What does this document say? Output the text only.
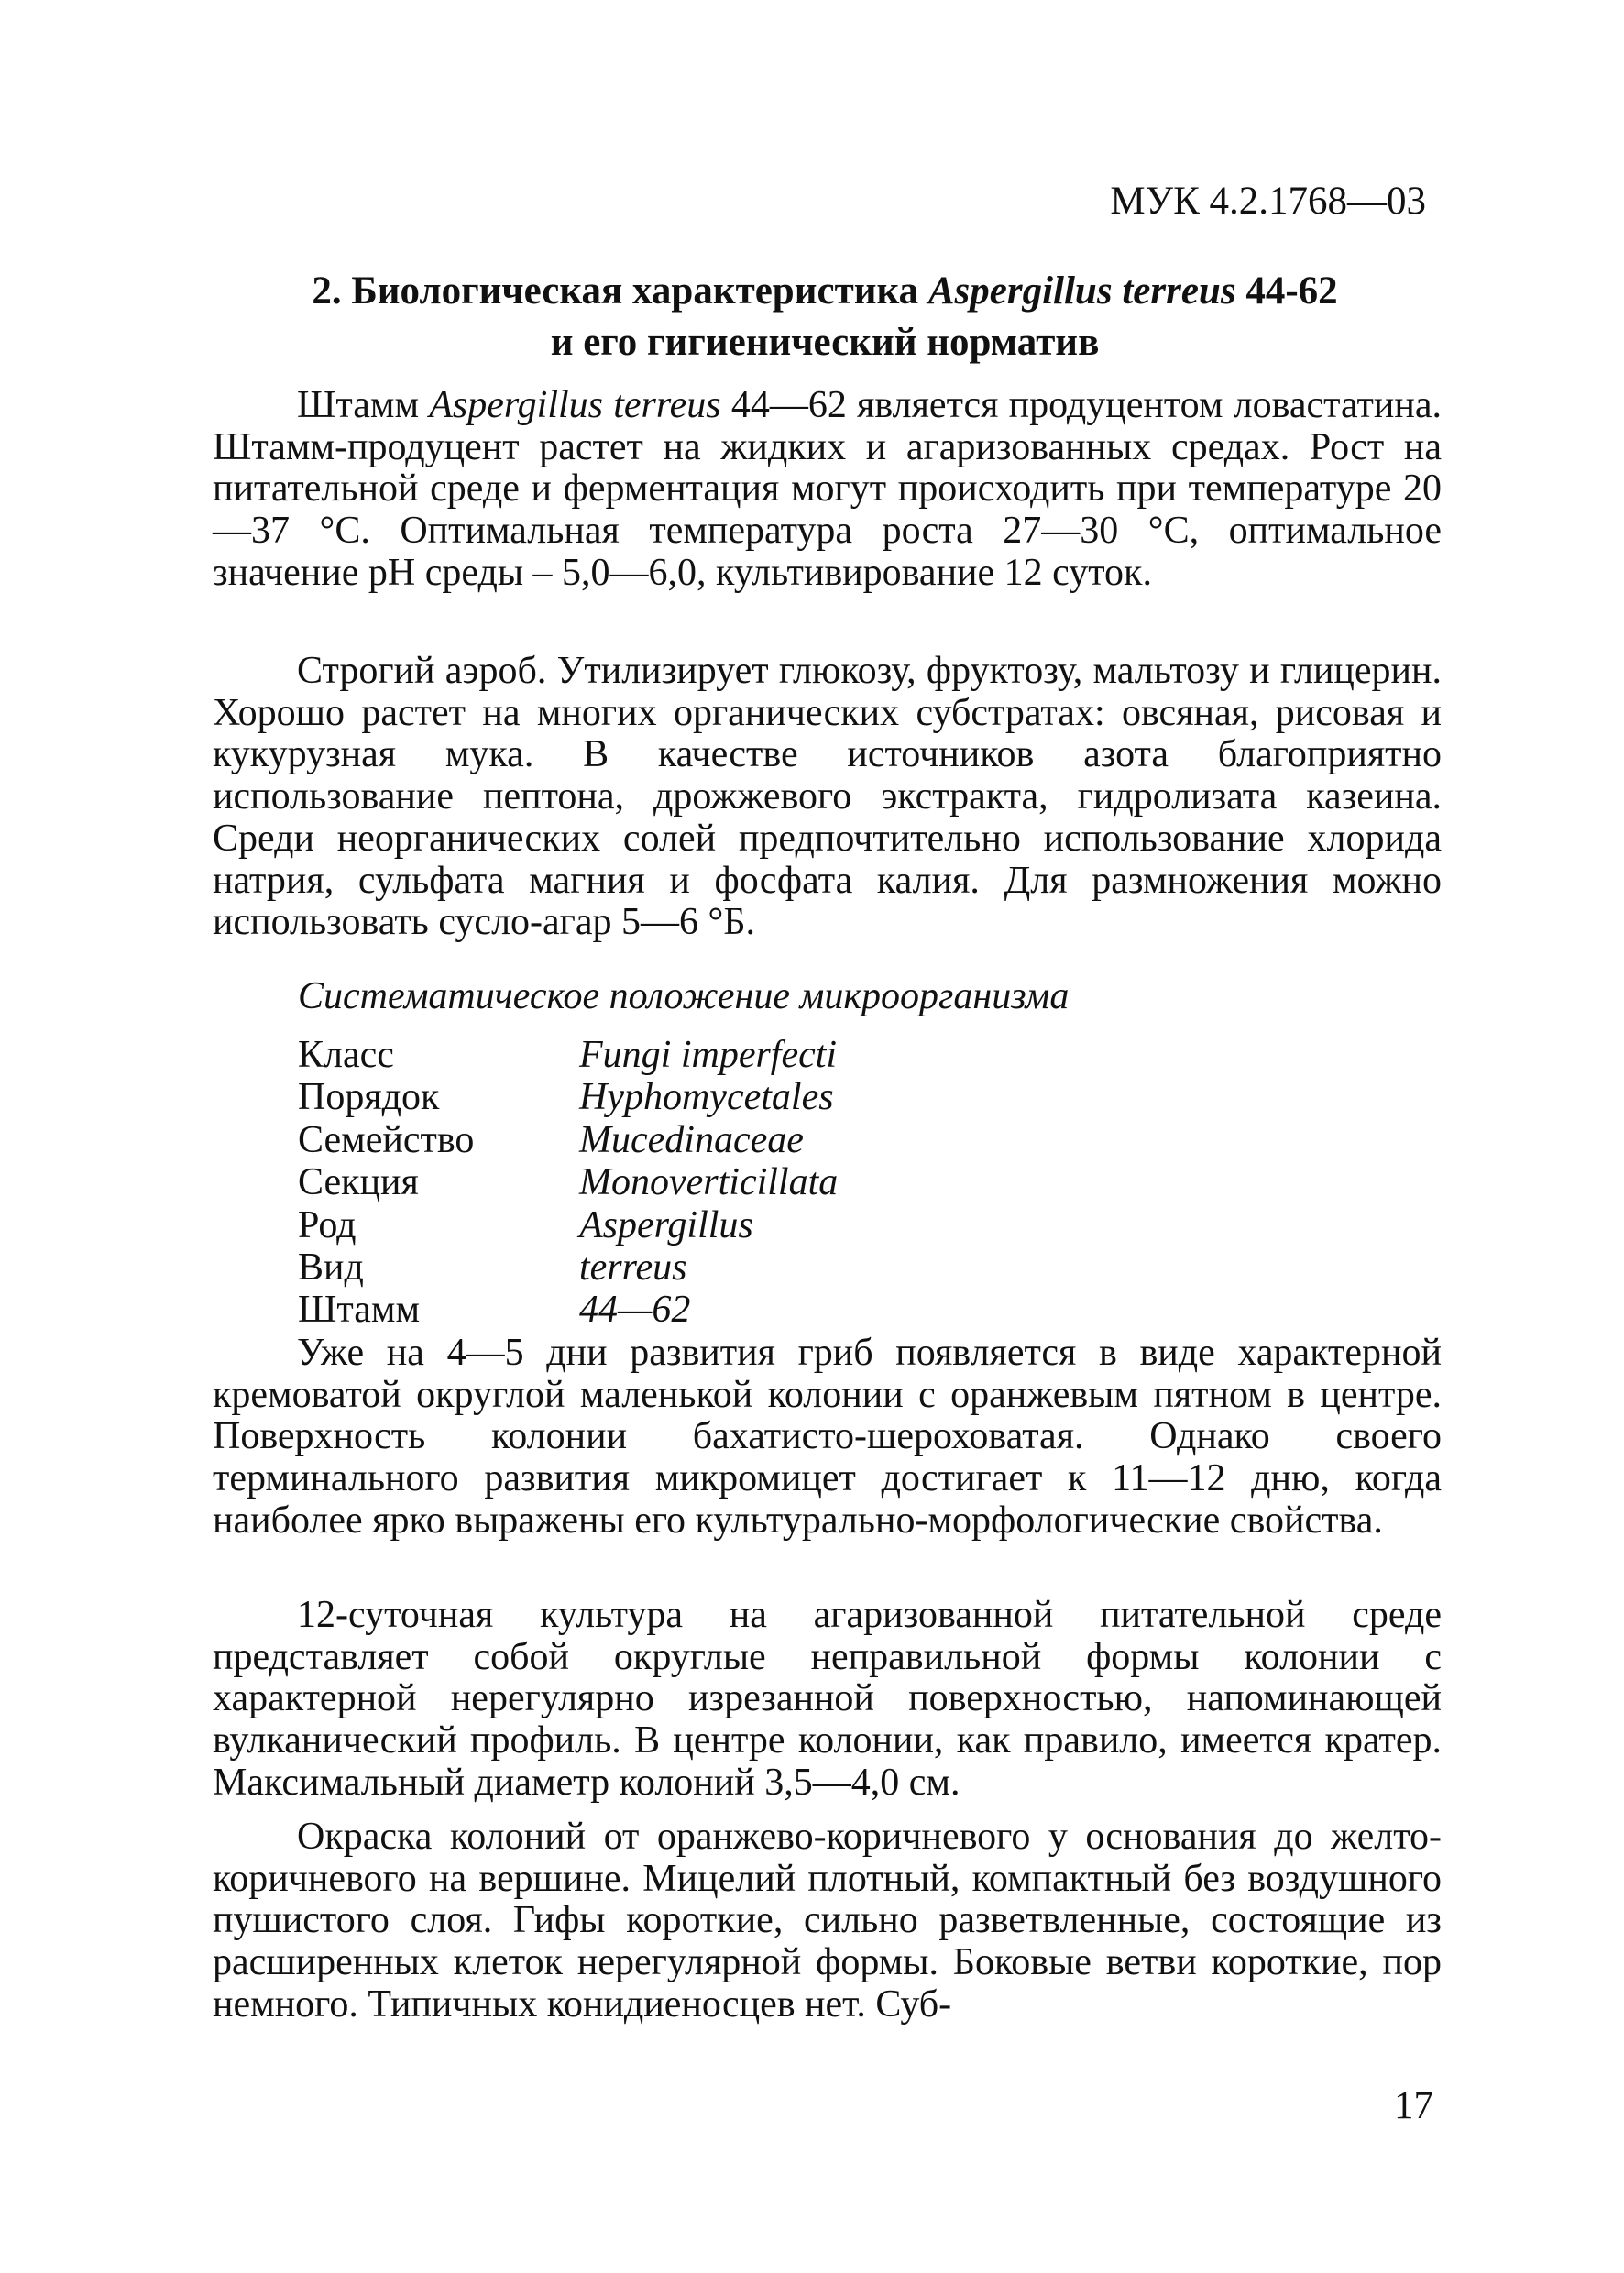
МУК 4.2.1768—03
2. Биологическая характеристика Aspergillus terreus 44-62
и его гигиенический норматив

Штамм Aspergillus terreus 44—62 является продуцентом ловастатина. Штамм-продуцент растет на жидких и агаризованных средах. Рост на питательной среде и ферментация могут происходить при температуре 20—37 °С. Оптимальная температура роста 27—30 °С, оптимальное значение pH среды – 5,0—6,0, культивирование 12 суток.

Строгий аэроб. Утилизирует глюкозу, фруктозу, мальтозу и глицерин. Хорошо растет на многих органических субстратах: овсяная, рисовая и кукурузная мука. В качестве источников азота благоприятно использование пептона, дрожжевого экстракта, гидролизата казеина. Среди неорганических солей предпочтительно использование хлорида натрия, сульфата магния и фосфата калия. Для размножения можно использовать сусло-агар 5—6 °Б.

Систематическое положение микроорганизма
Класс	Fungi imperfecti
Порядок	Hyphomycetales
Семейство	Mucedinaceae
Секция	Monoverticillata
Род	Aspergillus
Вид	terreus
Штамм	44—62

Уже на 4—5 дни развития гриб появляется в виде характерной кремоватой округлой маленькой колонии с оранжевым пятном в центре. Поверхность колонии бахатисто-шероховатая. Однако своего терминального развития микромицет достигает к 11—12 дню, когда наиболее ярко выражены его культурально-морфологические свойства.

12-суточная культура на агаризованной питательной среде представляет собой округлые неправильной формы колонии с характерной нерегулярно изрезанной поверхностью, напоминающей вулканический профиль. В центре колонии, как правило, имеется кратер. Максимальный диаметр колоний 3,5—4,0 см.

Окраска колоний от оранжево-коричневого у основания до желто-коричневого на вершине. Мицелий плотный, компактный без воздушного пушистого слоя. Гифы короткие, сильно разветвленные, состоящие из расширенных клеток нерегулярной формы. Боковые ветви короткие, пор немного. Типичных конидиеносцев нет. Суб-

17
